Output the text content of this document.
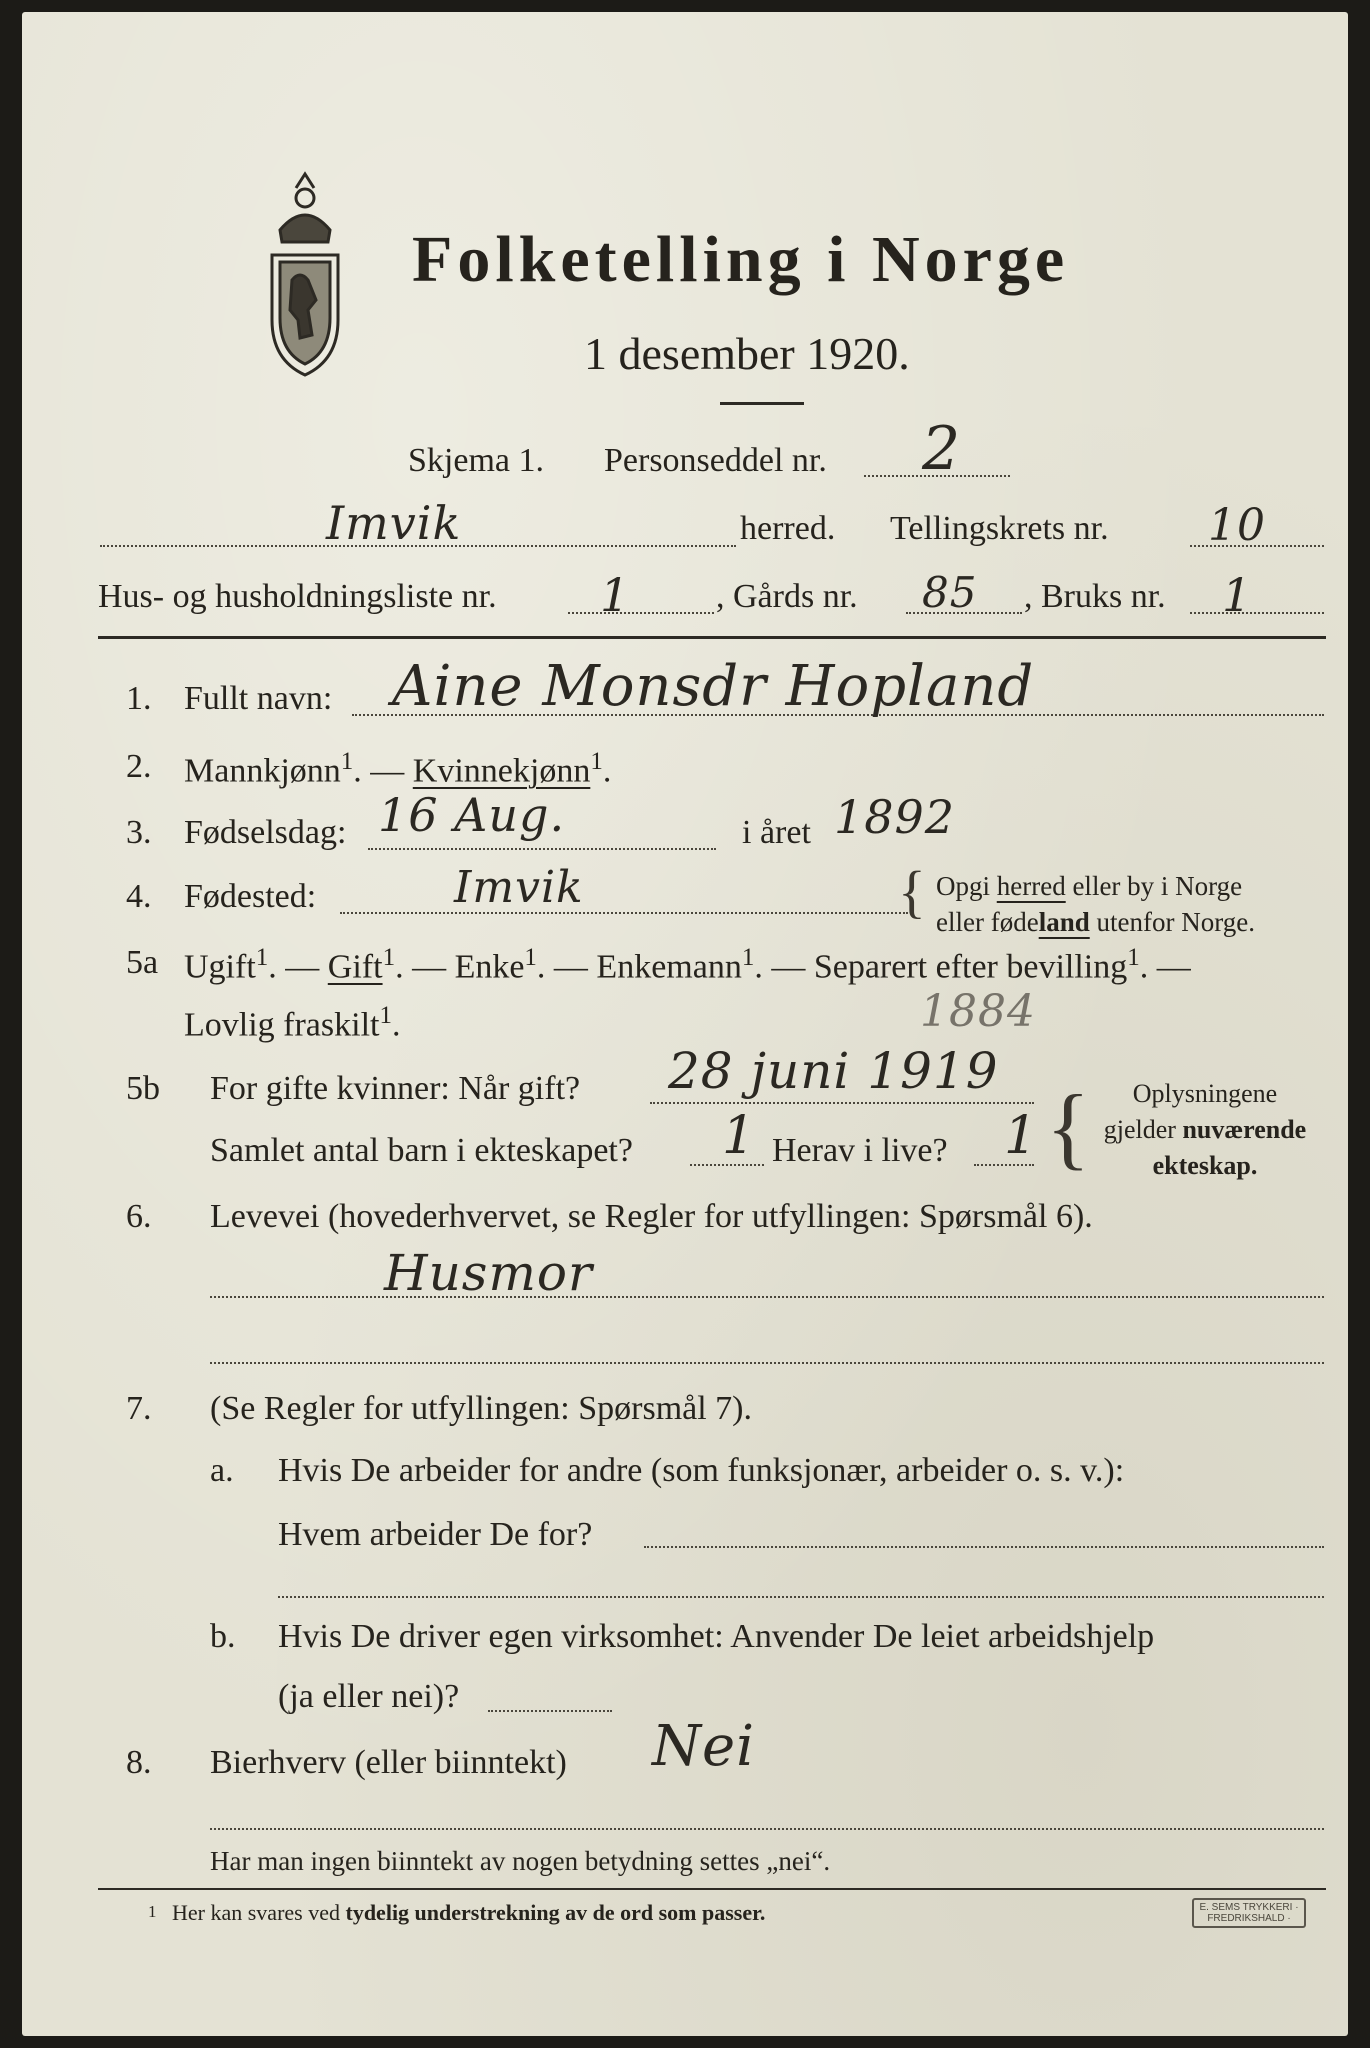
Folketelling i Norge
1 desember 1920.
Skjema 1. Personseddel nr. 2
Imvik	herred. Tellingskrets nr. 10
Hus- og husholdningsliste nr. 1	, Gårds nr. 85 , Bruks nr. 1
1. Fullt navn: Aine Monsdr Hopland
2. Mannkjønn$^1$. — Kvinnekjønn$^1$.
3. Fødselsdag: 16 Aug.	i året 1892
4. Fødested:	Imvik	{ Opgi herred eller by i Norge
eller fødeland utenfor Norge.
5a Ugift$^1$. — Gift$^1$. — Enke$^1$. — Enkemann$^1$. — Separert efter bevilling$^1$. —
Lovlig fraskilt$^1$.	1884
5b For gifte kvinner: Når gift? 28 juni 1919
Samlet antal barn i ekteskapet? 1 Herav i live? 1 {	Oplysningene
gjelder nuværende
ekteskap.
6.	Levevei (hovederhvervet, se Regler for utfyllingen: Spørsmål 6).
Husmor
7.	(Se Regler for utfyllingen: Spørsmål 7).
a. Hvis De arbeider for andre (som funksjonær, arbeider o. s. v.):
Hvem arbeider De for?
b. Hvis De driver egen virksomhet: Anvender De leiet arbeidshjelp
(ja eller nei)?
8.	Bierhverv (eller biinntekt) Nei
Har man ingen biinntekt av nogen betydning settes „nei“.
1 Her kan svares ved tydelig understrekning av de ord som passer.	E. SEMS TRYKKERI · FREDRIKSHALD ·
